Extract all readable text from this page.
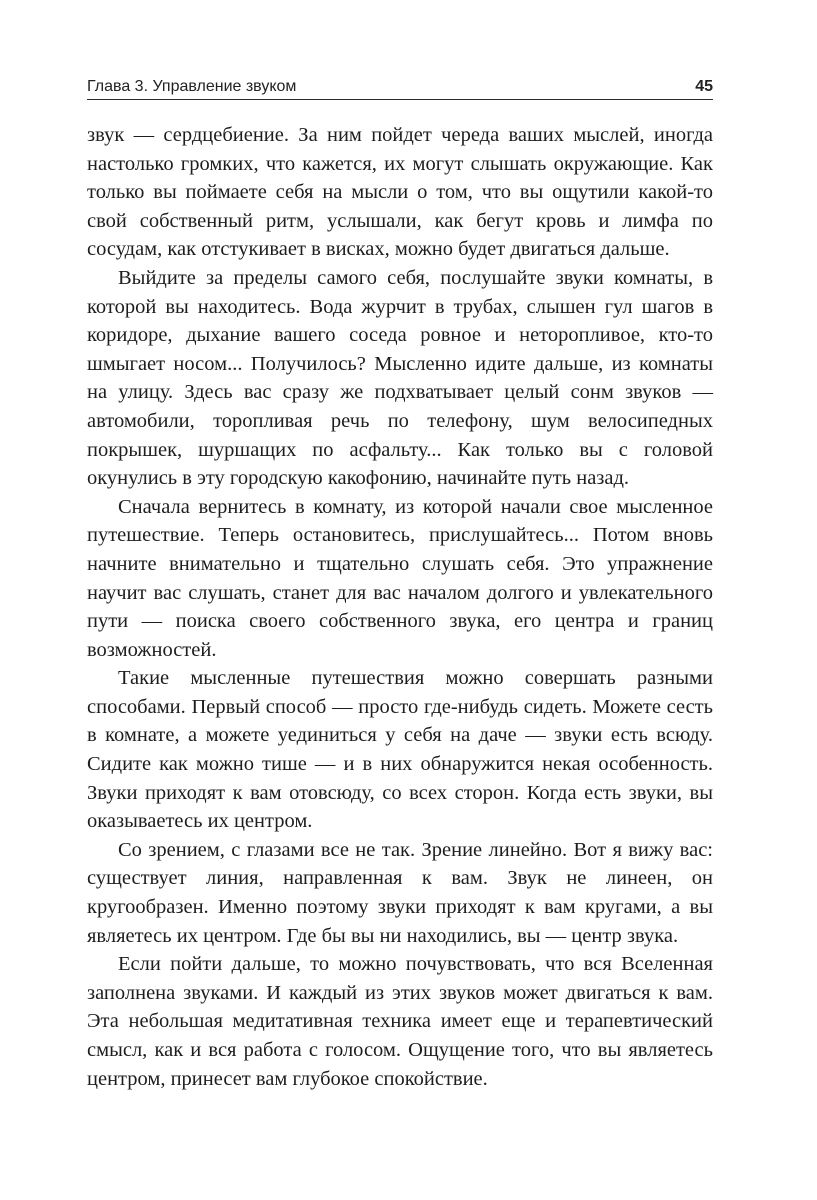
Глава 3. Управление звуком	45

звук — сердцебиение. За ним пойдет череда ваших мыслей, иногда настолько громких, что кажется, их могут слышать окружающие. Как только вы поймаете себя на мысли о том, что вы ощутили какой-то свой собственный ритм, услышали, как бегут кровь и лимфа по сосудам, как отстукивает в висках, можно будет двигаться дальше.

Выйдите за пределы самого себя, послушайте звуки комнаты, в которой вы находитесь. Вода журчит в трубах, слышен гул шагов в коридоре, дыхание вашего соседа ровное и неторопливое, кто-то шмыгает носом... Получилось? Мысленно идите дальше, из комнаты на улицу. Здесь вас сразу же подхватывает целый сонм звуков — автомобили, торопливая речь по телефону, шум велосипедных покрышек, шуршащих по асфальту... Как только вы с головой окунулись в эту городскую какофонию, начинайте путь назад.

Сначала вернитесь в комнату, из которой начали свое мысленное путешествие. Теперь остановитесь, прислушайтесь... Потом вновь начните внимательно и тщательно слушать себя. Это упражнение научит вас слушать, станет для вас началом долгого и увлекательного пути — поиска своего собственного звука, его центра и границ возможностей.

Такие мысленные путешествия можно совершать разными способами. Первый способ — просто где-нибудь сидеть. Можете сесть в комнате, а можете уединиться у себя на даче — звуки есть всюду. Сидите как можно тише — и в них обнаружится некая особенность. Звуки приходят к вам отовсюду, со всех сторон. Когда есть звуки, вы оказываетесь их центром.

Со зрением, с глазами все не так. Зрение линейно. Вот я вижу вас: существует линия, направленная к вам. Звук не линеен, он кругообразен. Именно поэтому звуки приходят к вам кругами, а вы являетесь их центром. Где бы вы ни находились, вы — центр звука.

Если пойти дальше, то можно почувствовать, что вся Вселенная заполнена звуками. И каждый из этих звуков может двигаться к вам. Эта небольшая медитативная техника имеет еще и терапевтический смысл, как и вся работа с голосом. Ощущение того, что вы являетесь центром, принесет вам глубокое спокойствие.
